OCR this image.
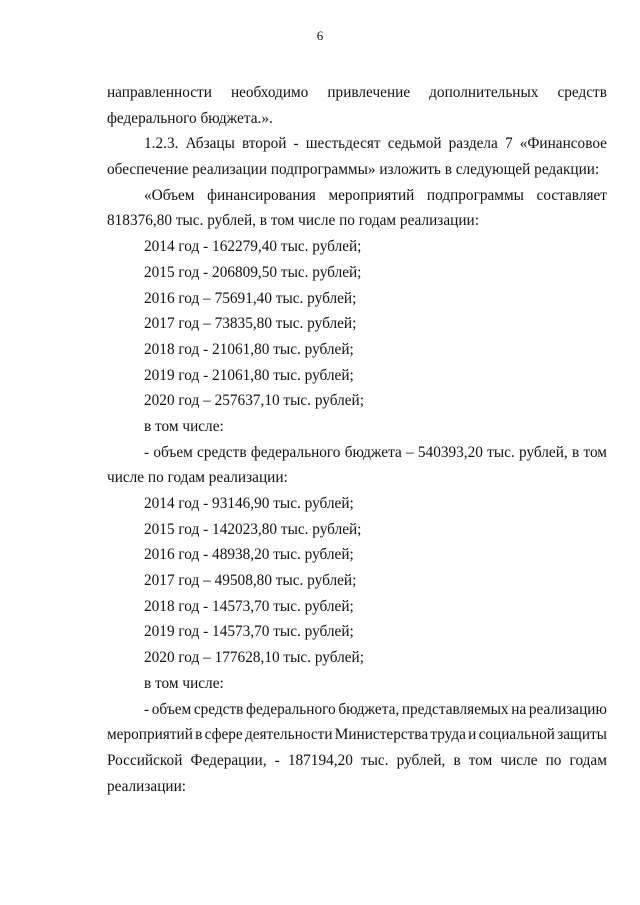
6
направленности необходимо привлечение дополнительных средств
федерального бюджета.».
1.2.3. Абзацы второй - шестьдесят седьмой раздела 7 «Финансовое
обеспечение реализации подпрограммы» изложить в следующей редакции:
«Объем финансирования мероприятий подпрограммы составляет
818376,80 тыс. рублей, в том числе по годам реализации:
2014 год - 162279,40 тыс. рублей;
2015 год - 206809,50 тыс. рублей;
2016 год – 75691,40 тыс. рублей;
2017 год – 73835,80 тыс. рублей;
2018 год - 21061,80 тыс. рублей;
2019 год - 21061,80 тыс. рублей;
2020 год – 257637,10 тыс. рублей;
в том числе:
- объем средств федерального бюджета – 540393,20 тыс. рублей, в том
числе по годам реализации:
2014 год - 93146,90 тыс. рублей;
2015 год - 142023,80 тыс. рублей;
2016 год - 48938,20 тыс. рублей;
2017 год – 49508,80 тыс. рублей;
2018 год - 14573,70 тыс. рублей;
2019 год - 14573,70 тыс. рублей;
2020 год – 177628,10 тыс. рублей;
в том числе:
- объем средств федерального бюджета, представляемых на реализацию
мероприятий в сфере деятельности Министерства труда и социальной защиты
Российской Федерации, - 187194,20 тыс. рублей, в том числе по годам
реализации:
